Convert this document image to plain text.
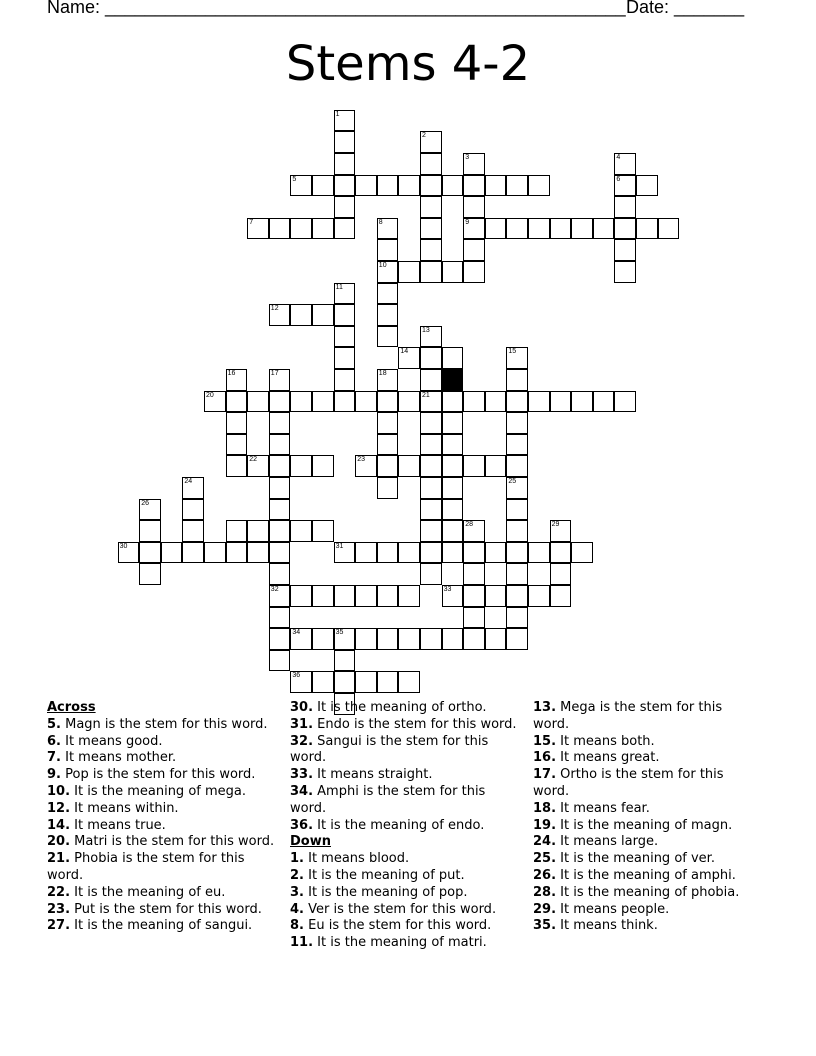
Name: ____________________________________________________ Date: _______
Stems 4-2
5	6
7	9
10
12
14
20	21
22	23
30	31
32	33
34	35
36
1
2
3	4
8
11
13
15
25
16	17	18
24
26
28	29
Across

5. Magn is the stem for this word.

6. It means good.

7. It means mother.

9. Pop is the stem for this word.

10. It is the meaning of mega.

12. It means within.

14. It means true.

20. Matri is the stem for this word.

21. Phobia is the stem for this word.

22. It is the meaning of eu.

23. Put is the stem for this word.

27. It is the meaning of sangui.

30. It is the meaning of ortho.

31. Endo is the stem for this word.

32. Sangui is the stem for this word.

33. It means straight.

34. Amphi is the stem for this word.

36. It is the meaning of endo.

Down

1. It means blood.

2. It is the meaning of put.

3. It is the meaning of pop.

4. Ver is the stem for this word.

8. Eu is the stem for this word.

11. It is the meaning of matri.

13. Mega is the stem for this word.

15. It means both.

16. It means great.

17. Ortho is the stem for this word.

18. It means fear.

19. It is the meaning of magn.

24. It means large.

25. It is the meaning of ver.

26. It is the meaning of amphi.

28. It is the meaning of phobia.

29. It means people.

35. It means think.
